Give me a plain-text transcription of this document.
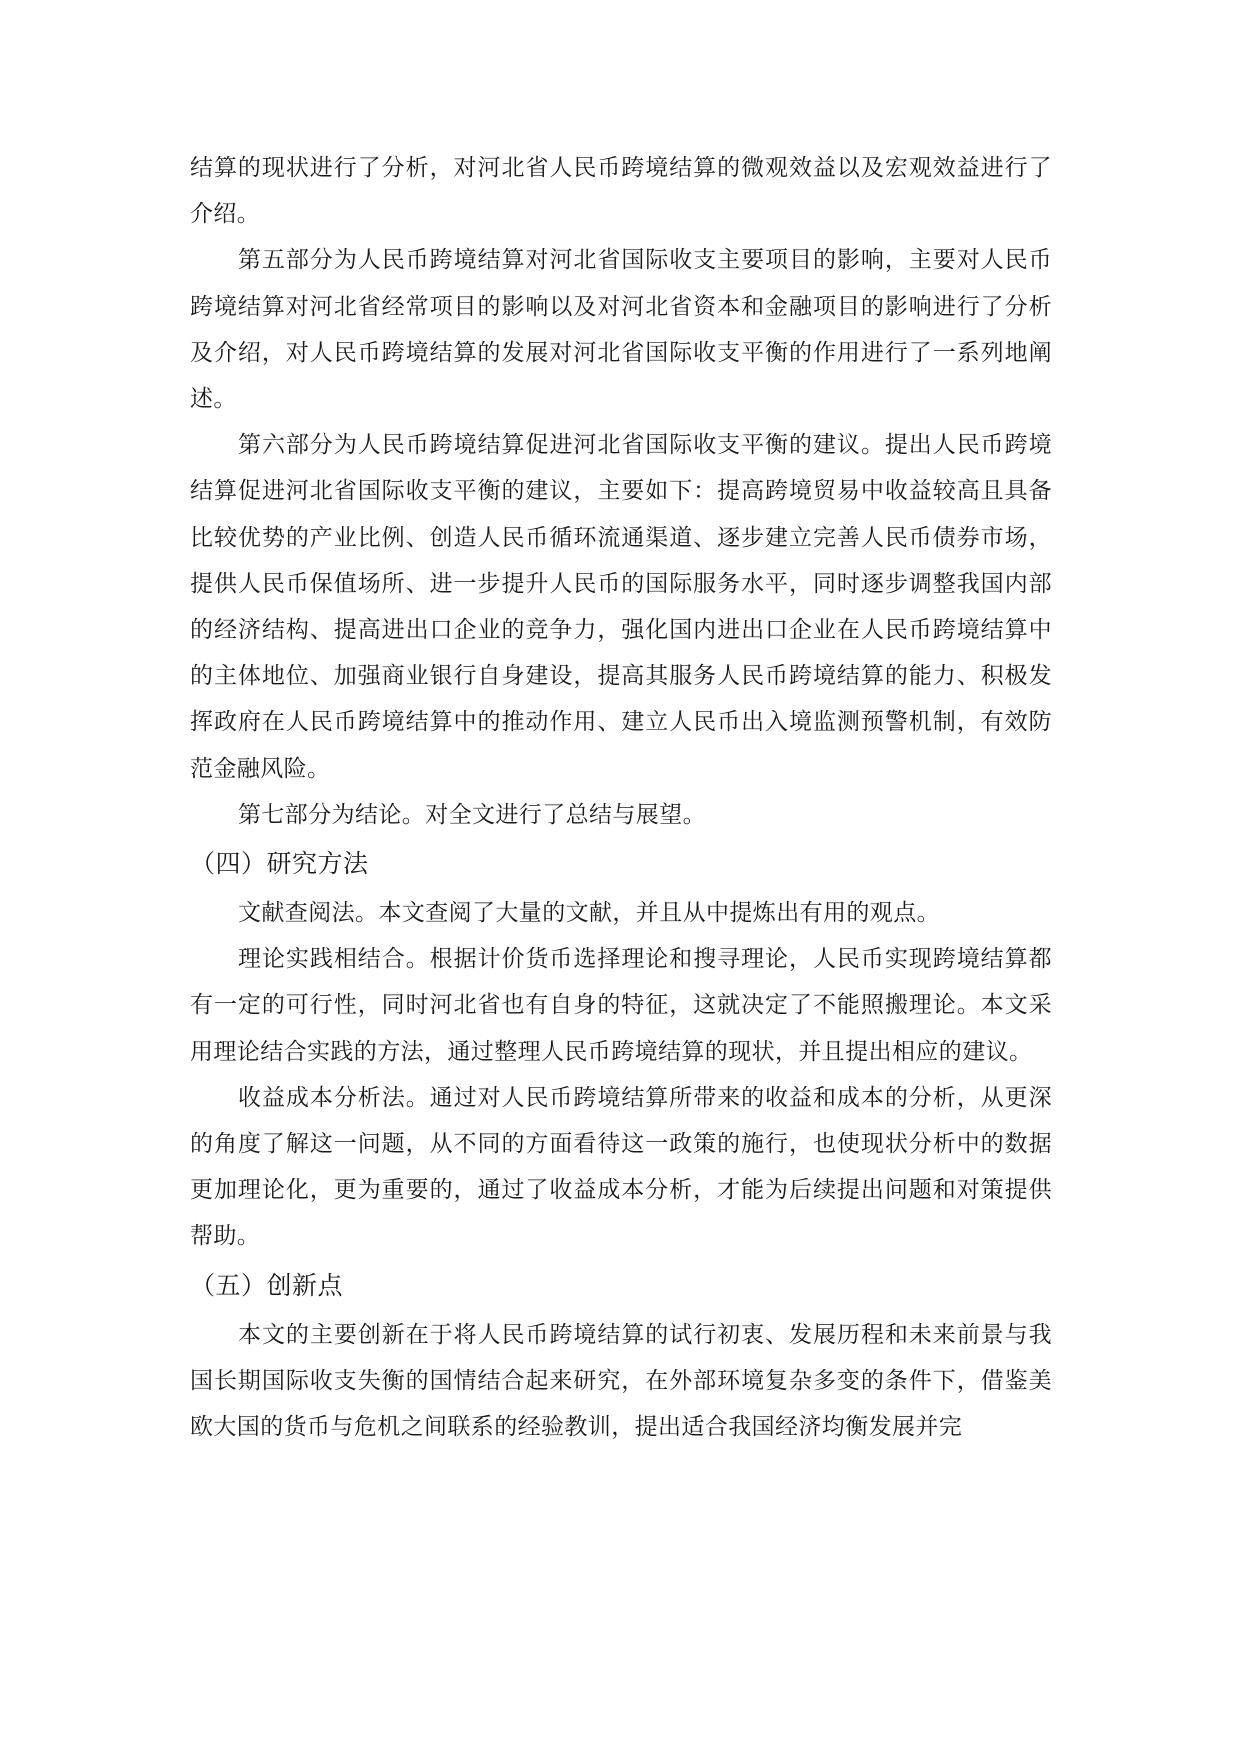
结算的现状进行了分析，对河北省人民币跨境结算的微观效益以及宏观效益进行了介绍。

第五部分为人民币跨境结算对河北省国际收支主要项目的影响，主要对人民币跨境结算对河北省经常项目的影响以及对河北省资本和金融项目的影响进行了分析及介绍，对人民币跨境结算的发展对河北省国际收支平衡的作用进行了一系列地阐述。

第六部分为人民币跨境结算促进河北省国际收支平衡的建议。提出人民币跨境结算促进河北省国际收支平衡的建议，主要如下：提高跨境贸易中收益较高且具备比较优势的产业比例、创造人民币循环流通渠道、逐步建立完善人民币债券市场，提供人民币保值场所、进一步提升人民币的国际服务水平，同时逐步调整我国内部的经济结构、提高进出口企业的竞争力，强化国内进出口企业在人民币跨境结算中的主体地位、加强商业银行自身建设，提高其服务人民币跨境结算的能力、积极发挥政府在人民币跨境结算中的推动作用、建立人民币出入境监测预警机制，有效防范金融风险。

第七部分为结论。对全文进行了总结与展望。

（四）研究方法

文献查阅法。本文查阅了大量的文献，并且从中提炼出有用的观点。

理论实践相结合。根据计价货币选择理论和搜寻理论，人民币实现跨境结算都有一定的可行性，同时河北省也有自身的特征，这就决定了不能照搬理论。本文采用理论结合实践的方法，通过整理人民币跨境结算的现状，并且提出相应的建议。

收益成本分析法。通过对人民币跨境结算所带来的收益和成本的分析，从更深的角度了解这一问题，从不同的方面看待这一政策的施行，也使现状分析中的数据更加理论化，更为重要的，通过了收益成本分析，才能为后续提出问题和对策提供帮助。

（五）创新点

本文的主要创新在于将人民币跨境结算的试行初衷、发展历程和未来前景与我国长期国际收支失衡的国情结合起来研究，在外部环境复杂多变的条件下，借鉴美欧大国的货币与危机之间联系的经验教训，提出适合我国经济均衡发展并完
